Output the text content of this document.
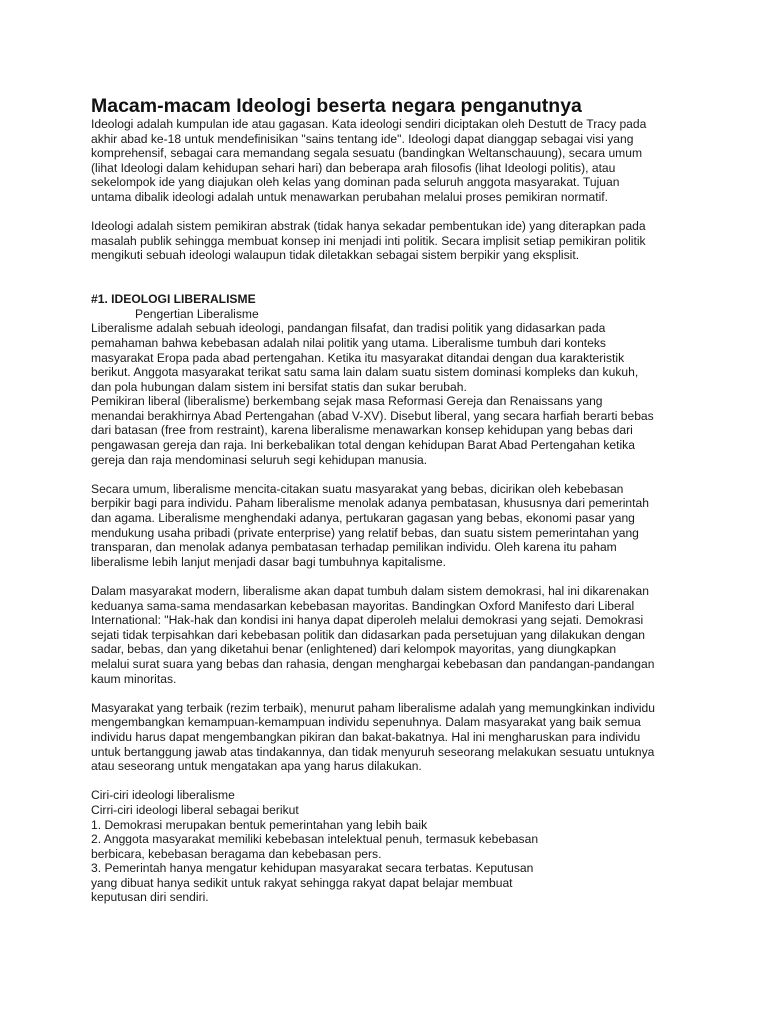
Macam-macam Ideologi beserta negara penganutnya

Ideologi adalah kumpulan ide atau gagasan. Kata ideologi sendiri diciptakan oleh Destutt de Tracy pada
akhir abad ke-18 untuk mendefinisikan "sains tentang ide". Ideologi dapat dianggap sebagai visi yang
komprehensif, sebagai cara memandang segala sesuatu (bandingkan Weltanschauung), secara umum
(lihat Ideologi dalam kehidupan sehari hari) dan beberapa arah filosofis (lihat Ideologi politis), atau
sekelompok ide yang diajukan oleh kelas yang dominan pada seluruh anggota masyarakat. Tujuan
untama dibalik ideologi adalah untuk menawarkan perubahan melalui proses pemikiran normatif.

Ideologi adalah sistem pemikiran abstrak (tidak hanya sekadar pembentukan ide) yang diterapkan pada
masalah publik sehingga membuat konsep ini menjadi inti politik. Secara implisit setiap pemikiran politik
mengikuti sebuah ideologi walaupun tidak diletakkan sebagai sistem berpikir yang eksplisit.

#1. IDEOLOGI LIBERALISME

Pengertian Liberalisme

Liberalisme adalah sebuah ideologi, pandangan filsafat, dan tradisi politik yang didasarkan pada
pemahaman bahwa kebebasan adalah nilai politik yang utama. Liberalisme tumbuh dari konteks
masyarakat Eropa pada abad pertengahan. Ketika itu masyarakat ditandai dengan dua karakteristik
berikut. Anggota masyarakat terikat satu sama lain dalam suatu sistem dominasi kompleks dan kukuh,
dan pola hubungan dalam sistem ini bersifat statis dan sukar berubah.
Pemikiran liberal (liberalisme) berkembang sejak masa Reformasi Gereja dan Renaissans yang
menandai berakhirnya Abad Pertengahan (abad V-XV). Disebut liberal, yang secara harfiah berarti bebas
dari batasan (free from restraint), karena liberalisme menawarkan konsep kehidupan yang bebas dari
pengawasan gereja dan raja. Ini berkebalikan total dengan kehidupan Barat Abad Pertengahan ketika
gereja dan raja mendominasi seluruh segi kehidupan manusia.

Secara umum, liberalisme mencita-citakan suatu masyarakat yang bebas, dicirikan oleh kebebasan
berpikir bagi para individu. Paham liberalisme menolak adanya pembatasan, khususnya dari pemerintah
dan agama. Liberalisme menghendaki adanya, pertukaran gagasan yang bebas, ekonomi pasar yang
mendukung usaha pribadi (private enterprise) yang relatif bebas, dan suatu sistem pemerintahan yang
transparan, dan menolak adanya pembatasan terhadap pemilikan individu. Oleh karena itu paham
liberalisme lebih lanjut menjadi dasar bagi tumbuhnya kapitalisme.

Dalam masyarakat modern, liberalisme akan dapat tumbuh dalam sistem demokrasi, hal ini dikarenakan
keduanya sama-sama mendasarkan kebebasan mayoritas. Bandingkan Oxford Manifesto dari Liberal
International: "Hak-hak dan kondisi ini hanya dapat diperoleh melalui demokrasi yang sejati. Demokrasi
sejati tidak terpisahkan dari kebebasan politik dan didasarkan pada persetujuan yang dilakukan dengan
sadar, bebas, dan yang diketahui benar (enlightened) dari kelompok mayoritas, yang diungkapkan
melalui surat suara yang bebas dan rahasia, dengan menghargai kebebasan dan pandangan-pandangan
kaum minoritas.

Masyarakat yang terbaik (rezim terbaik), menurut paham liberalisme adalah yang memungkinkan individu
mengembangkan kemampuan-kemampuan individu sepenuhnya. Dalam masyarakat yang baik semua
individu harus dapat mengembangkan pikiran dan bakat-bakatnya. Hal ini mengharuskan para individu
untuk bertanggung jawab atas tindakannya, dan tidak menyuruh seseorang melakukan sesuatu untuknya
atau seseorang untuk mengatakan apa yang harus dilakukan.

Ciri-ciri ideologi liberalisme
Cirri-ciri ideologi liberal sebagai berikut
1. Demokrasi merupakan bentuk pemerintahan yang lebih baik
2. Anggota masyarakat memiliki kebebasan intelektual penuh, termasuk kebebasan
berbicara, kebebasan beragama dan kebebasan pers.
3. Pemerintah hanya mengatur kehidupan masyarakat secara terbatas. Keputusan
yang dibuat hanya sedikit untuk rakyat sehingga rakyat dapat belajar membuat
keputusan diri sendiri.
